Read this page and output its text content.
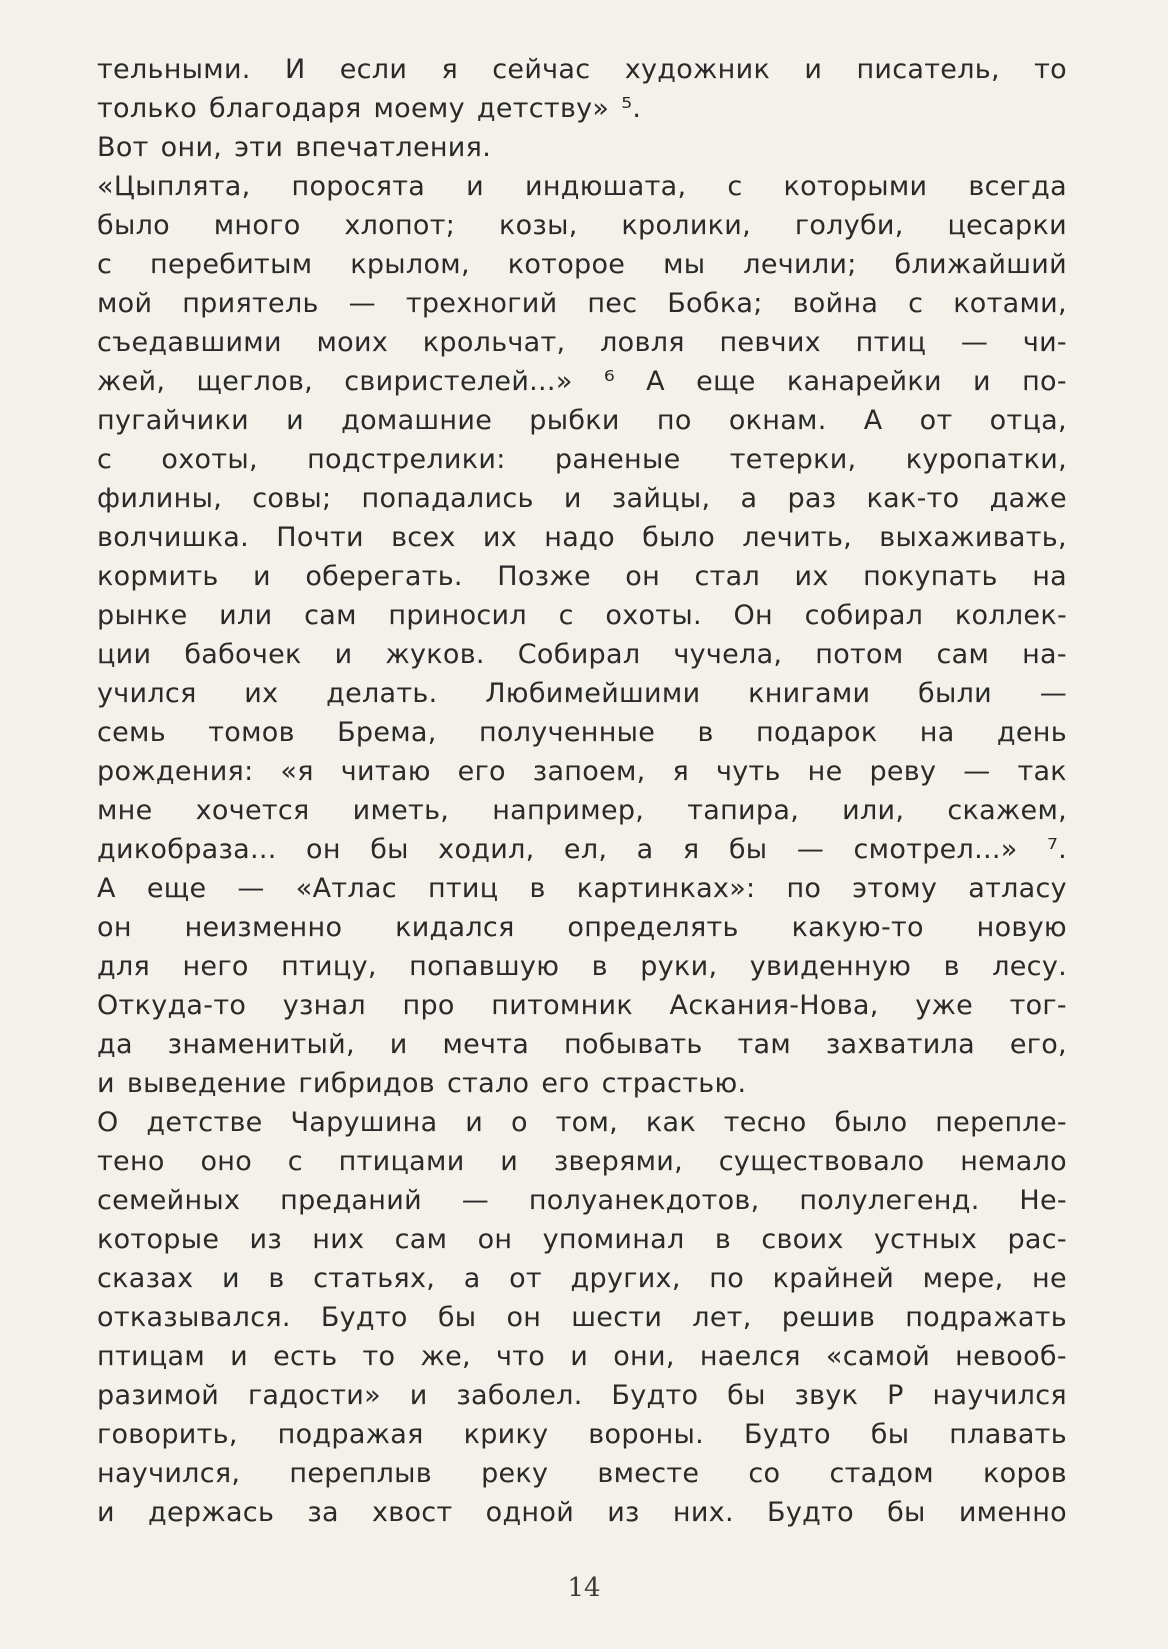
тельными. И если я сейчас художник и писатель, то
только благодаря моему детству» ⁵.
Вот они, эти впечатления.
«Цыплята, поросята и индюшата, с которыми всегда
было много хлопот; козы, кролики, голуби, цесарки
с перебитым крылом, которое мы лечили; ближайший
мой приятель — трехногий пес Бобка; война с котами,
съедавшими моих крольчат, ловля певчих птиц — чи-
жей, щеглов, свиристелей...» ⁶ А еще канарейки и по-
пугайчики и домашние рыбки по окнам. А от отца,
с охоты, подстрелики: раненые тетерки, куропатки,
филины, совы; попадались и зайцы, а раз как-то даже
волчишка. Почти всех их надо было лечить, выхаживать,
кормить и оберегать. Позже он стал их покупать на
рынке или сам приносил с охоты. Он собирал коллек-
ции бабочек и жуков. Собирал чучела, потом сам на-
учился их делать. Любимейшими книгами были —
семь томов Брема, полученные в подарок на день
рождения: «я читаю его запоем, я чуть не реву — так
мне хочется иметь, например, тапира, или, скажем,
дикобраза... он бы ходил, ел, а я бы — смотрел...» ⁷.
А еще — «Атлас птиц в картинках»: по этому атласу
он неизменно кидался определять какую-то новую
для него птицу, попавшую в руки, увиденную в лесу.
Откуда-то узнал про питомник Аскания-Нова, уже тог-
да знаменитый, и мечта побывать там захватила его,
и выведение гибридов стало его страстью.
О детстве Чарушина и о том, как тесно было перепле-
тено оно с птицами и зверями, существовало немало
семейных преданий — полуанекдотов, полулегенд. Не-
которые из них сам он упоминал в своих устных рас-
сказах и в статьях, а от других, по крайней мере, не
отказывался. Будто бы он шести лет, решив подражать
птицам и есть то же, что и они, наелся «самой невооб-
разимой гадости» и заболел. Будто бы звук Р научился
говорить, подражая крику вороны. Будто бы плавать
научился, переплыв реку вместе со стадом коров
и держась за хвост одной из них. Будто бы именно
14
